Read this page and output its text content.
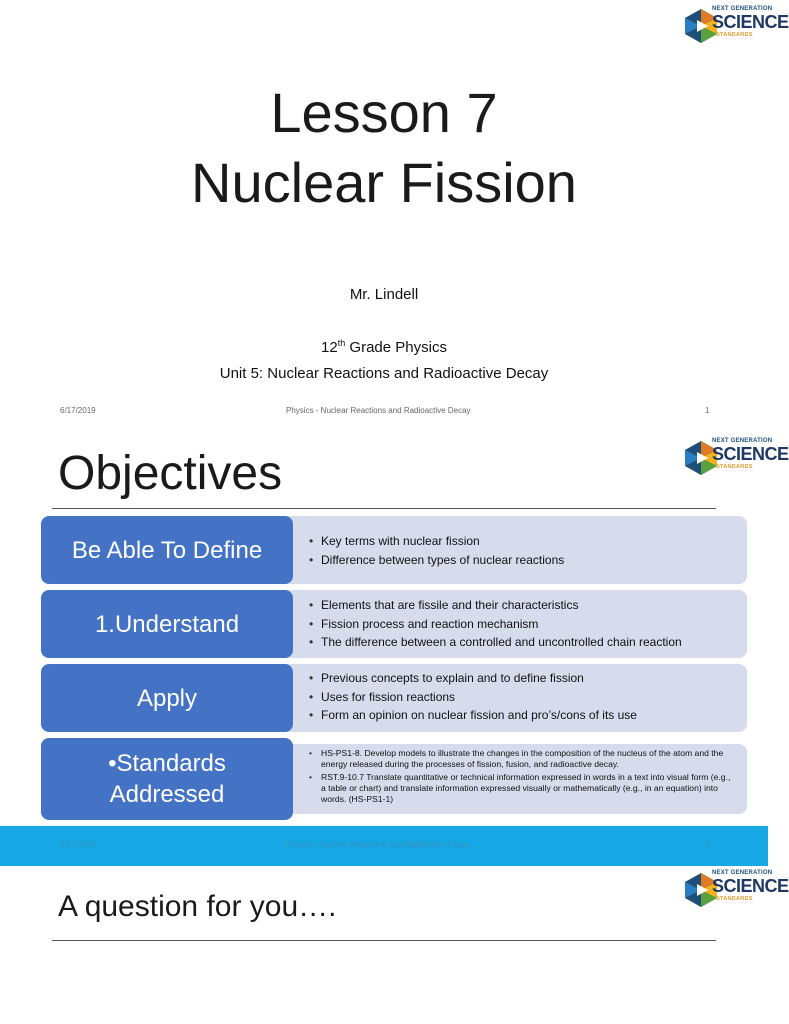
NEXT GENERATION
SCIENCE
STANDARDS
Lesson 7
Nuclear Fission
Mr. Lindell
12th Grade Physics
Unit 5: Nuclear Reactions and Radioactive Decay
6/17/2019	Physics - Nuclear Reactions and Radioactive Decay	1
NEXT GENERATION
SCIENCE
STANDARDS
Objectives
Be Able To Define
•	Key terms with nuclear fission
• Difference between types of nuclear reactions
1.Understand
• Elements that are fissile and their characteristics
• Fission process and reaction mechanism
• The difference between a controlled and uncontrolled chain reaction
Apply
• Previous concepts to explain and to define fission
• Uses for fission reactions
• Form an opinion on nuclear fission and pro’s/cons of its use
•Standards
Addressed
• HS-PS1-8. Develop models to illustrate the changes in the composition of the nucleus of the atom and the energy released during the processes of fission, fusion, and radioactive decay.
• RST.9-10.7 Translate quantitative or technical information expressed in words in a text into visual form (e.g., a table or chart) and translate information expressed visually or mathematically (e.g., in an equation) into words. (HS-PS1-1)
6/17/2019	Physics - Nuclear Reactions and Radioactive Decay	2
NEXT GENERATION
SCIENCE
STANDARDS
A question for you….
